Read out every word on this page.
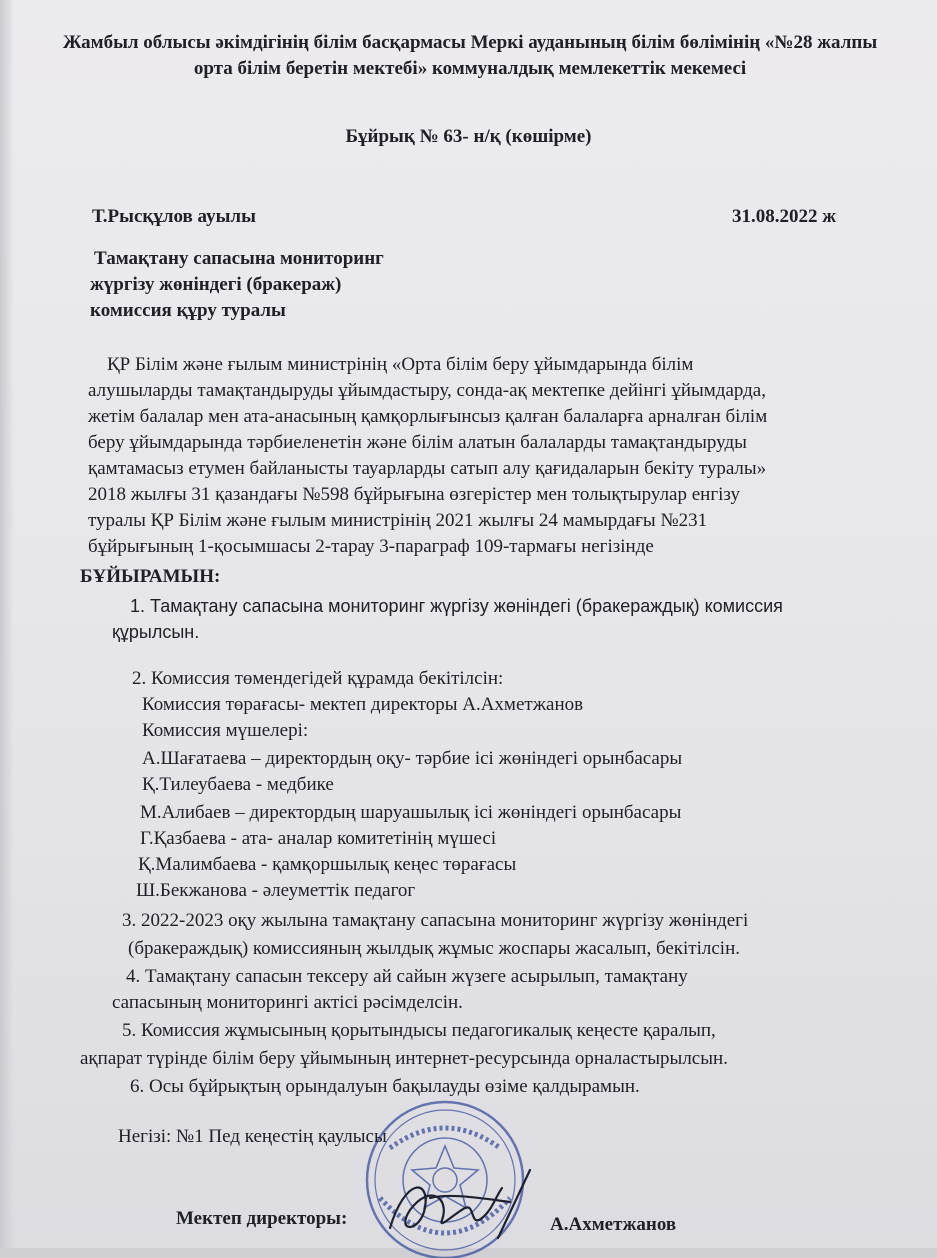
Жамбыл облысы әкімдігінің білім басқармасы Меркі ауданының білім бөлімінің «№28 жалпы орта білім беретін мектебі» коммуналдық мемлекеттік мекемесі
Бұйрық № 63- н/қ (көшірме)
Т.Рысқұлов ауылы	31.08.2022 ж
Тамақтану сапасына мониторинг
жүргізу жөніндегі (бракераж)
комиссия құру туралы
ҚР Білім және ғылым министрінің «Орта білім беру ұйымдарында білім
алушыларды тамақтандыруды ұйымдастыру, сонда-ақ мектепке дейінгі ұйымдарда,
жетім балалар мен ата-анасының қамқорлығынсыз қалған балаларға арналған білім
беру ұйымдарында тәрбиеленетін және білім алатын балаларды тамақтандыруды
қамтамасыз етумен байланысты тауарларды сатып алу қағидаларын бекіту туралы»
2018 жылғы 31 қазандағы №598 бұйрығына өзгерістер мен толықтырулар енгізу
туралы ҚР Білім және ғылым министрінің 2021 жылғы 24 мамырдағы №231
бұйрығының 1-қосымшасы 2-тарау 3-параграф 109-тармағы негізінде
БҰЙЫРАМЫН:
1. Тамақтану сапасына мониторинг жүргізу жөніндегі (бракераждық) комиссия
құрылсын.
2. Комиссия төмендегідей құрамда бекітілсін:
Комиссия төрағасы- мектеп директоры А.Ахметжанов
Комиссия мүшелері:
А.Шағатаева – директордың оқу- тәрбие ісі жөніндегі орынбасары
Қ.Тилеубаева - медбике
М.Алибаев – директордың шаруашылық ісі жөніндегі орынбасары
Г.Қазбаева - ата- аналар комитетінің мүшесі
Қ.Малимбаева - қамқоршылық кеңес төрағасы
Ш.Бекжанова - әлеуметтік педагог
3. 2022-2023 оқу жылына тамақтану сапасына мониторинг жүргізу жөніндегі
(бракераждық) комиссияның жылдық жұмыс жоспары жасалып, бекітілсін.
4. Тамақтану сапасын тексеру ай сайын жүзеге асырылып, тамақтану
сапасының мониторингі актісі рәсімделсін.
5. Комиссия жұмысының қорытындысы педагогикалық кеңесте қаралып,
ақпарат түрінде білім беру ұйымының интернет-ресурсында орналастырылсын.
6. Осы бұйрықтың орындалуын бақылауды өзіме қалдырамын.
Негізі: №1 Пед кеңестің қаулысы
Мектеп директоры:	А.Ахметжанов
